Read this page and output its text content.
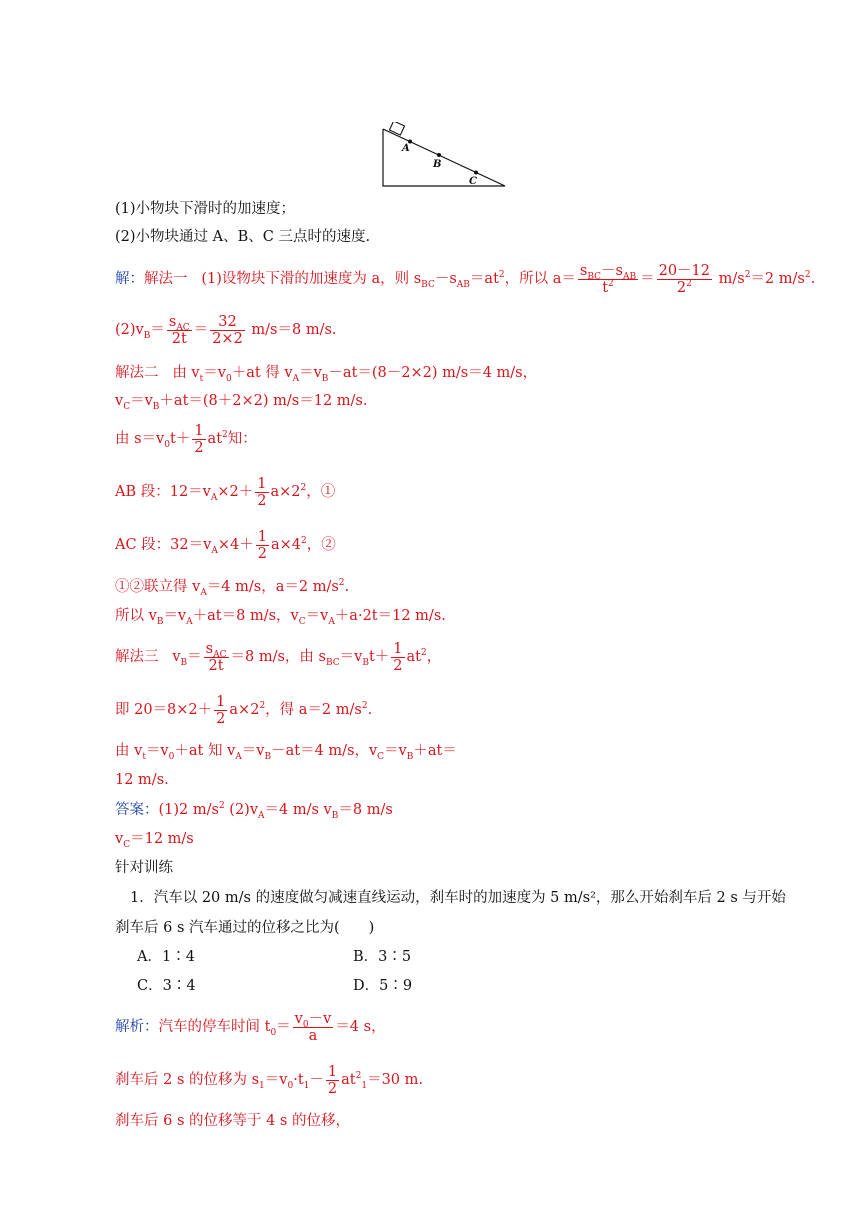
A
B
C
(1)小物块下滑时的加速度；
(2)小物块通过 A、B、C 三点时的速度.
解：解法一 (1)设物块下滑的加速度为 a，则 $s_{BC}-s_{AB}=at^2$，所以 $a= \frac{s_{BC}-s_{AB}}{t^2} = \frac{20-12}{2^2} m/s^2=2$ $m/s^2$.
$(2)v_B= \frac{s_{AC}}{2t} = \frac{32}{2\times 2} m/s=8$ m/s.
解法二 由 $v_t=v_0+at$ 得 $v_A=v_B-at=(8-2\times 2)$ m/s＝4 m/s，
$v_C=v_B+at=(8+2\times 2)$ m/s＝12 m/s.
由 $s=v_0t+ \frac{1}{2} at^2$知：
AB 段：$12=v_A\times 2+ \frac{1}{2} a\times 2^2$，①
AC 段：$32=v_A\times 4+ \frac{1}{2} a\times 4^2$，②
①②联立得 $v_A=4$ m/s，a＝2 $m/s^2$.
所以 $v_B=v_A+at=8$ m/s，$v_C=v_A+a\cdot 2t=12$ m/s.
解法三 $v_B= \frac{s_{AC}}{2t} =8$ m/s，由 $s_{BC}=v_Bt+ \frac{1}{2} at^2$，
即 $20=8\times 2+ \frac{1}{2} a\times 2^2$，得 a＝2 $m/s^2$.
由 $v_t=v_0+at$ 知 $v_A=v_B-at=4$ m/s，$v_C=v_B+at=$
12 m/s.
答案：(1)2 $m/s^2$ $(2)v_A=4$ m/s $v_B=8$ m/s
$v_C=12$ m/s
针对训练
1．汽车以 20 m/s 的速度做匀减速直线运动，刹车时的加速度为 5 m/s²，那么开始刹车后 2 s 与开始
刹车后 6 s 汽车通过的位移之比为(　　)
A．1∶4	B．3∶5
C．3∶4	D．5∶9
解析：汽车的停车时间 $t_0= \frac{v_0-v}{a} =4$ s，
刹车后 2 s 的位移为 $s_1=v_0\cdot t_1- \frac{1}{2} at^2_1=30$ m.
刹车后 6 s 的位移等于 4 s 的位移，
